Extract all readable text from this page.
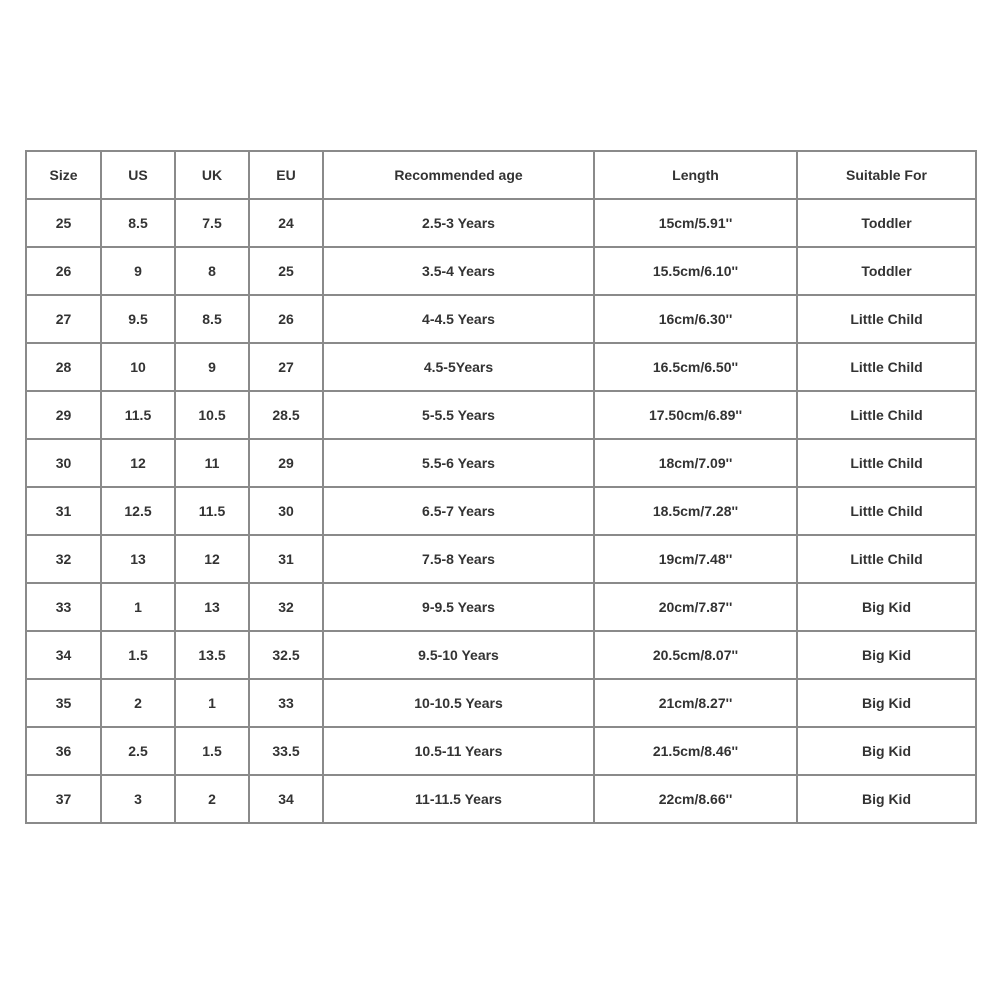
Size	US	UK	EU	Recommended age	Length	Suitable For
25	8.5	7.5	24	2.5-3 Years	15cm/5.91''	Toddler
26	9	8	25	3.5-4 Years	15.5cm/6.10''	Toddler
27	9.5	8.5	26	4-4.5 Years	16cm/6.30''	Little Child
28	10	9	27	4.5-5Years	16.5cm/6.50''	Little Child
29	11.5	10.5	28.5	5-5.5 Years	17.50cm/6.89''	Little Child
30	12	11	29	5.5-6 Years	18cm/7.09''	Little Child
31	12.5	11.5	30	6.5-7 Years	18.5cm/7.28''	Little Child
32	13	12	31	7.5-8 Years	19cm/7.48''	Little Child
33	1	13	32	9-9.5 Years	20cm/7.87''	Big Kid
34	1.5	13.5	32.5	9.5-10 Years	20.5cm/8.07''	Big Kid
35	2	1	33	10-10.5 Years	21cm/8.27''	Big Kid
36	2.5	1.5	33.5	10.5-11 Years	21.5cm/8.46''	Big Kid
37	3	2	34	11-11.5 Years	22cm/8.66''	Big Kid
